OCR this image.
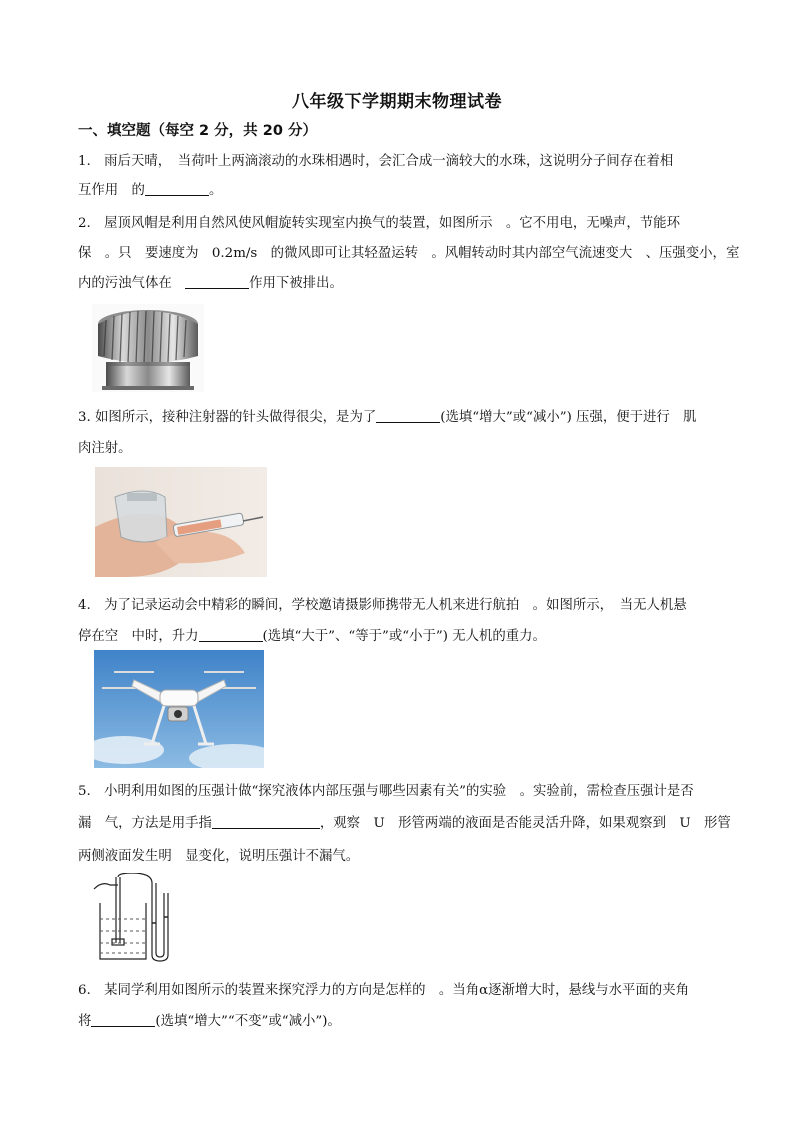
八年级下学期期末物理试卷
一、填空题（每空 2 分，共 20 分）
1.　雨后天晴，　当荷叶上两滴滚动的水珠相遇时，会汇合成一滴较大的水珠，这说明分子间存在着相
互作用　的	。
2.　屋顶风帽是利用自然风使风帽旋转实现室内换气的装置，如图所示　。它不用电，无噪声，节能环
保　。只　要速度为　0.2m/s　的微风即可让其轻盈运转　。风帽转动时其内部空气流速变大　、压强变小，室
内的污浊气体在　	作用下被排出。
3. 如图所示，接种注射器的针头做得很尖，是为了	(选填“增大”或“减小”) 压强，便于进行　肌
肉注射。
4.　为了记录运动会中精彩的瞬间，学校邀请摄影师携带无人机来进行航拍　。如图所示，　当无人机悬
停在空　中时，升力	(选填“大于”、“等于”或“小于”) 无人机的重力。
5.　小明利用如图的压强计做“探究液体内部压强与哪些因素有关”的实验　。实验前，需检查压强计是否
漏　气，方法是用手指	，观察　U　形管两端的液面是否能灵活升降，如果观察到　U　形管
两侧液面发生明　显变化，说明压强计不漏气。
6.　某同学利用如图所示的装置来探究浮力的方向是怎样的　。当角α逐渐增大时，悬线与水平面的夹角
将	(选填“增大”“不变”或“减小”)。
